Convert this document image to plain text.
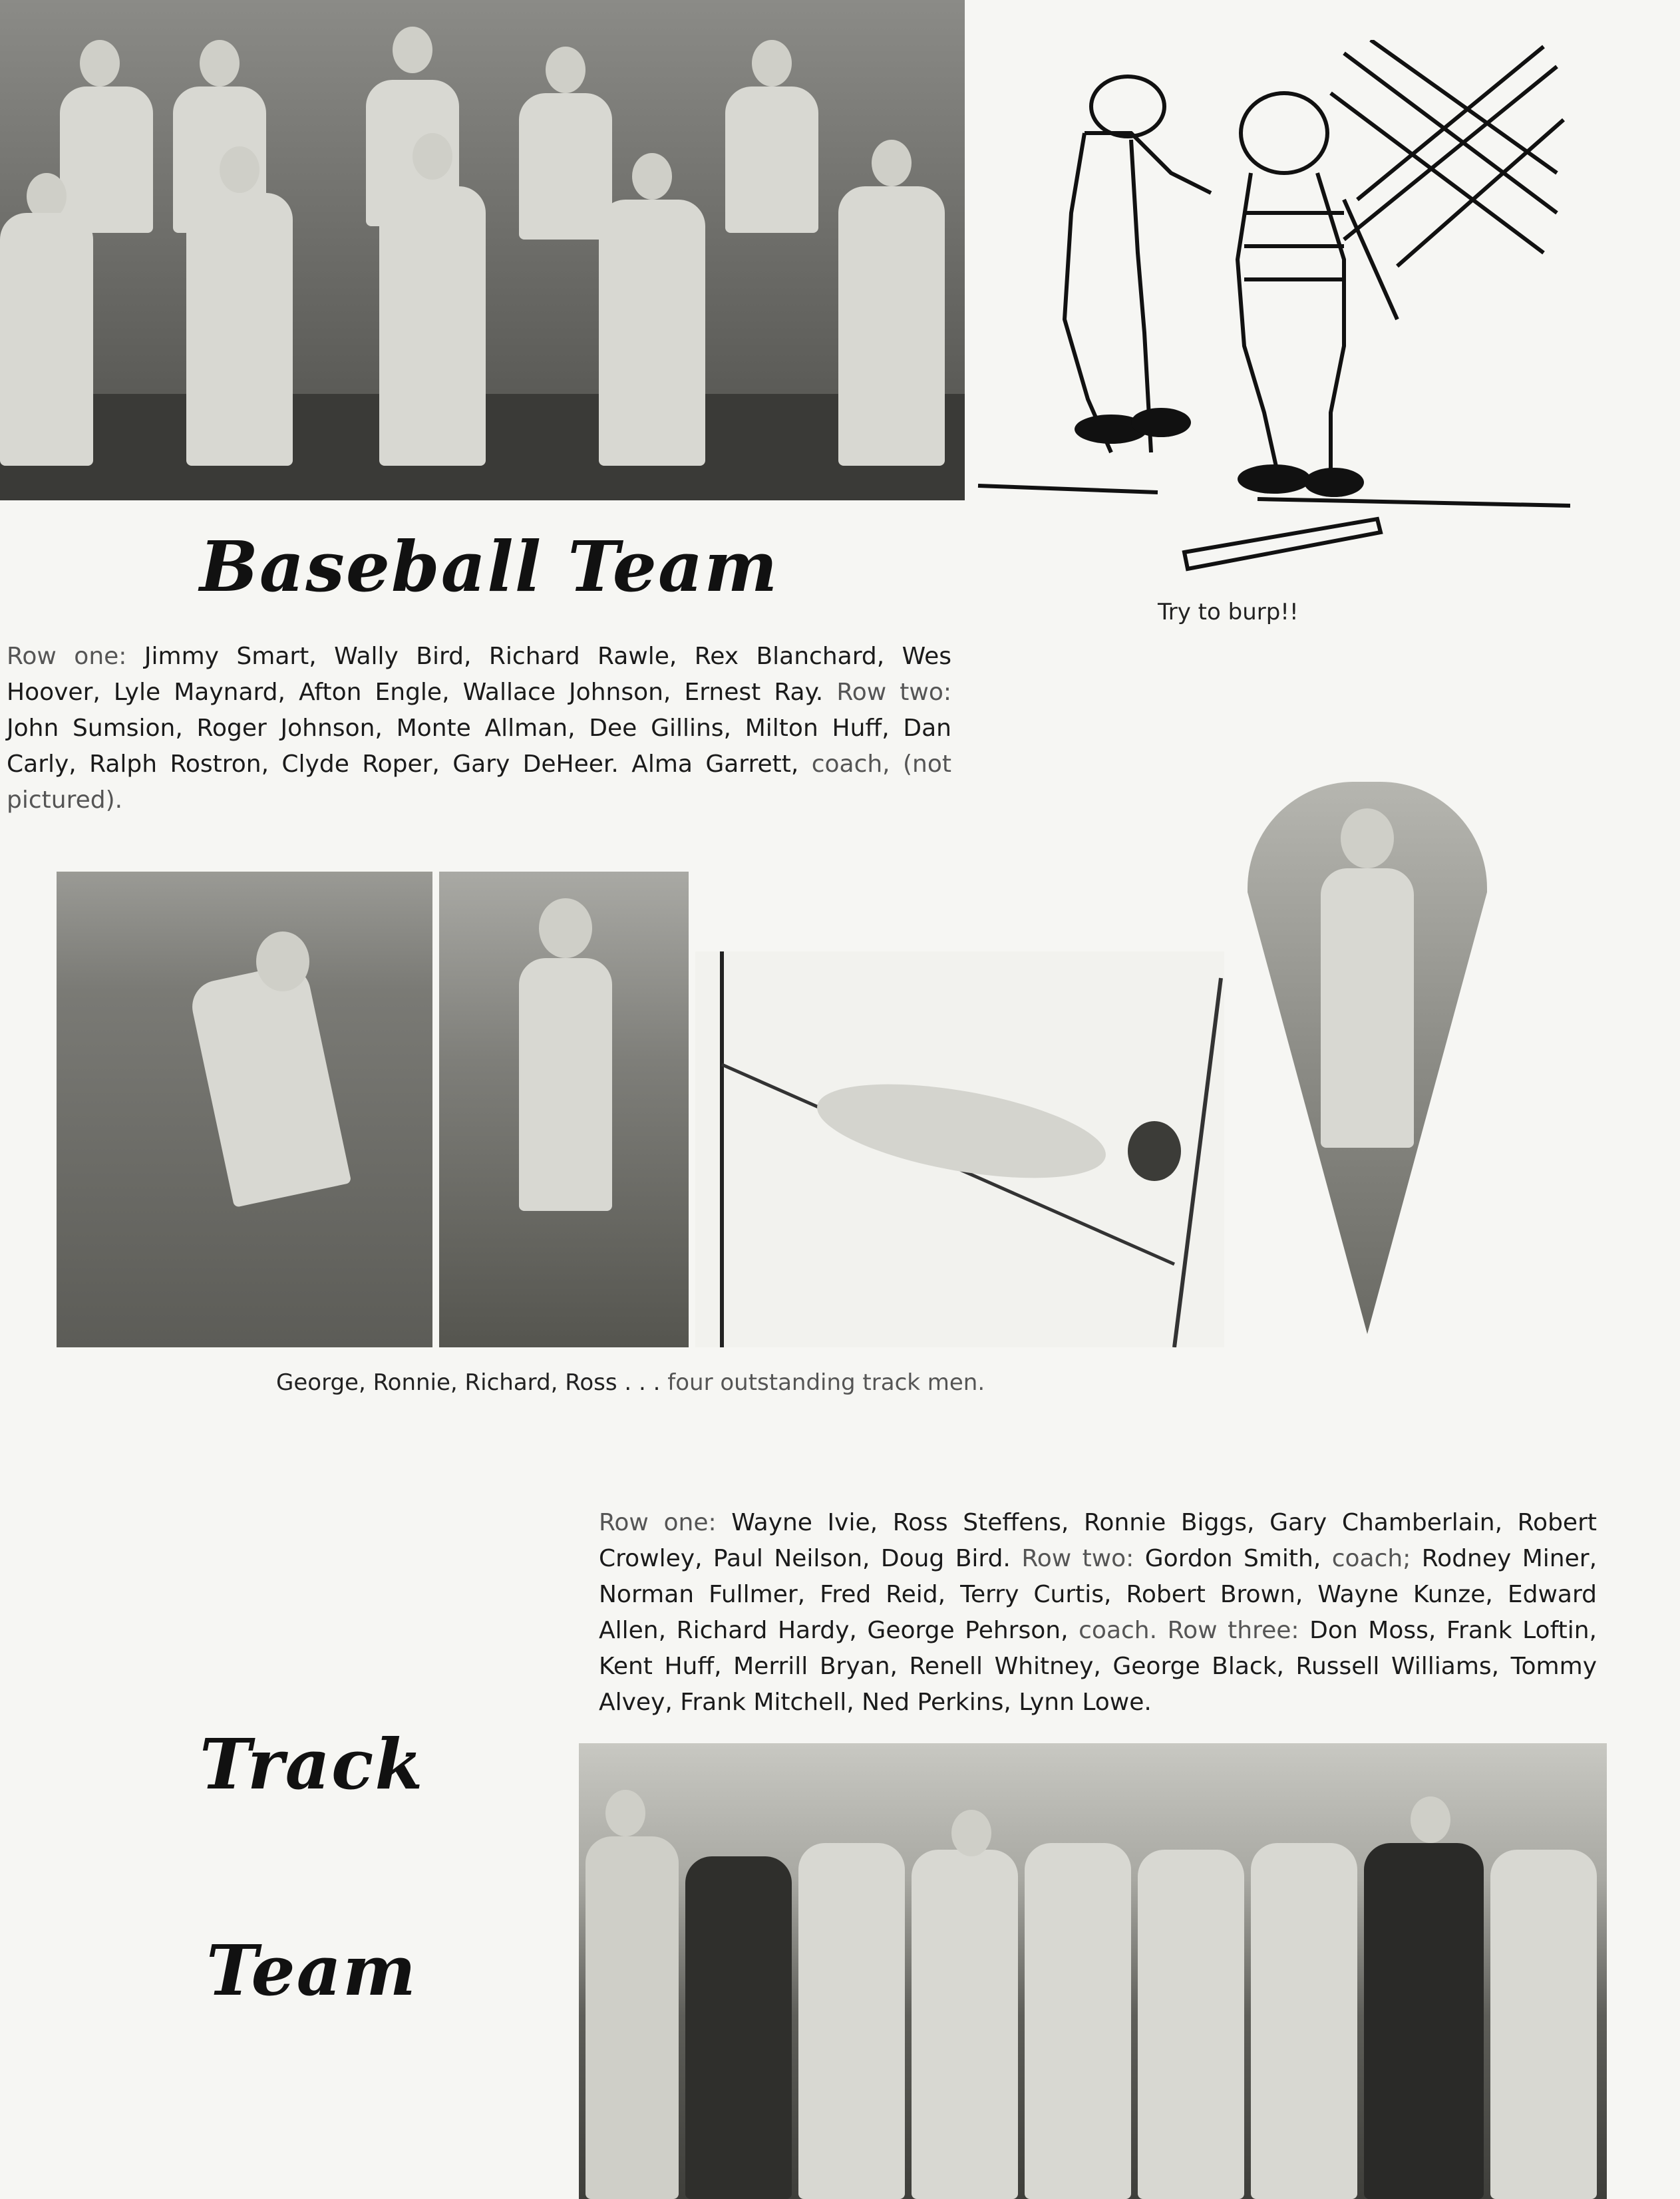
Baseball Team
Try to burp!!
Row one: Jimmy Smart, Wally Bird, Richard Rawle, Rex Blanchard, Wes Hoover, Lyle Maynard, Afton Engle, Wallace Johnson, Ernest Ray. Row two: John Sumsion, Roger Johnson, Monte Allman, Dee Gillins, Milton Huff, Dan Carly, Ralph Rostron, Clyde Roper, Gary DeHeer. Alma Garrett, coach, (not pictured).
George, Ronnie, Richard, Ross . . . four outstanding track men.
Row one: Wayne Ivie, Ross Steffens, Ronnie Biggs, Gary Chamberlain, Robert Crowley, Paul Neilson, Doug Bird. Row two: Gordon Smith, coach; Rodney Miner, Norman Fullmer, Fred Reid, Terry Curtis, Robert Brown, Wayne Kunze, Edward Allen, Richard Hardy, George Pehrson, coach. Row three: Don Moss, Frank Loftin, Kent Huff, Merrill Bryan, Renell Whitney, George Black, Russell Williams, Tommy Alvey, Frank Mitchell, Ned Perkins, Lynn Lowe.
Track
Team
